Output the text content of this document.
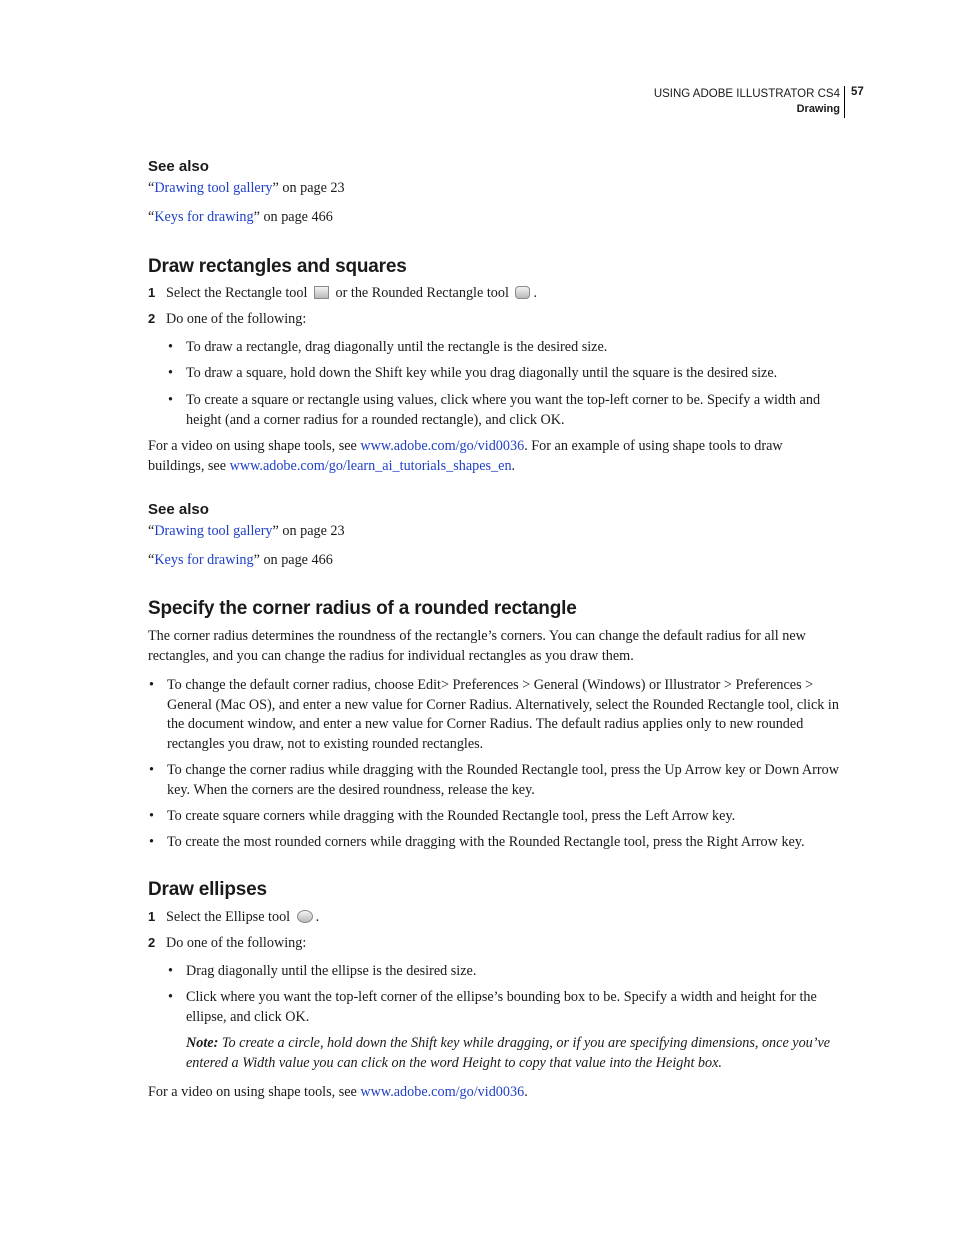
USING ADOBE ILLUSTRATOR CS4
Drawing
57
See also
“Drawing tool gallery” on page 23
“Keys for drawing” on page 466
Draw rectangles and squares
1 Select the Rectangle tool or the Rounded Rectangle tool .
2 Do one of the following:
• To draw a rectangle, drag diagonally until the rectangle is the desired size.
• To draw a square, hold down the Shift key while you drag diagonally until the square is the desired size.
• To create a square or rectangle using values, click where you want the top-left corner to be. Specify a width and height (and a corner radius for a rounded rectangle), and click OK.
For a video on using shape tools, see www.adobe.com/go/vid0036. For an example of using shape tools to draw buildings, see www.adobe.com/go/learn_ai_tutorials_shapes_en.
See also
“Drawing tool gallery” on page 23
“Keys for drawing” on page 466
Specify the corner radius of a rounded rectangle
The corner radius determines the roundness of the rectangle’s corners. You can change the default radius for all new rectangles, and you can change the radius for individual rectangles as you draw them.
• To change the default corner radius, choose Edit> Preferences > General (Windows) or Illustrator > Preferences > General (Mac OS), and enter a new value for Corner Radius. Alternatively, select the Rounded Rectangle tool, click in the document window, and enter a new value for Corner Radius. The default radius applies only to new rounded rectangles you draw, not to existing rounded rectangles.
• To change the corner radius while dragging with the Rounded Rectangle tool, press the Up Arrow key or Down Arrow key. When the corners are the desired roundness, release the key.
• To create square corners while dragging with the Rounded Rectangle tool, press the Left Arrow key.
• To create the most rounded corners while dragging with the Rounded Rectangle tool, press the Right Arrow key.
Draw ellipses
1 Select the Ellipse tool .
2 Do one of the following:
• Drag diagonally until the ellipse is the desired size.
• Click where you want the top-left corner of the ellipse’s bounding box to be. Specify a width and height for the ellipse, and click OK.
Note: To create a circle, hold down the Shift key while dragging, or if you are specifying dimensions, once you’ve entered a Width value you can click on the word Height to copy that value into the Height box.
For a video on using shape tools, see www.adobe.com/go/vid0036.
